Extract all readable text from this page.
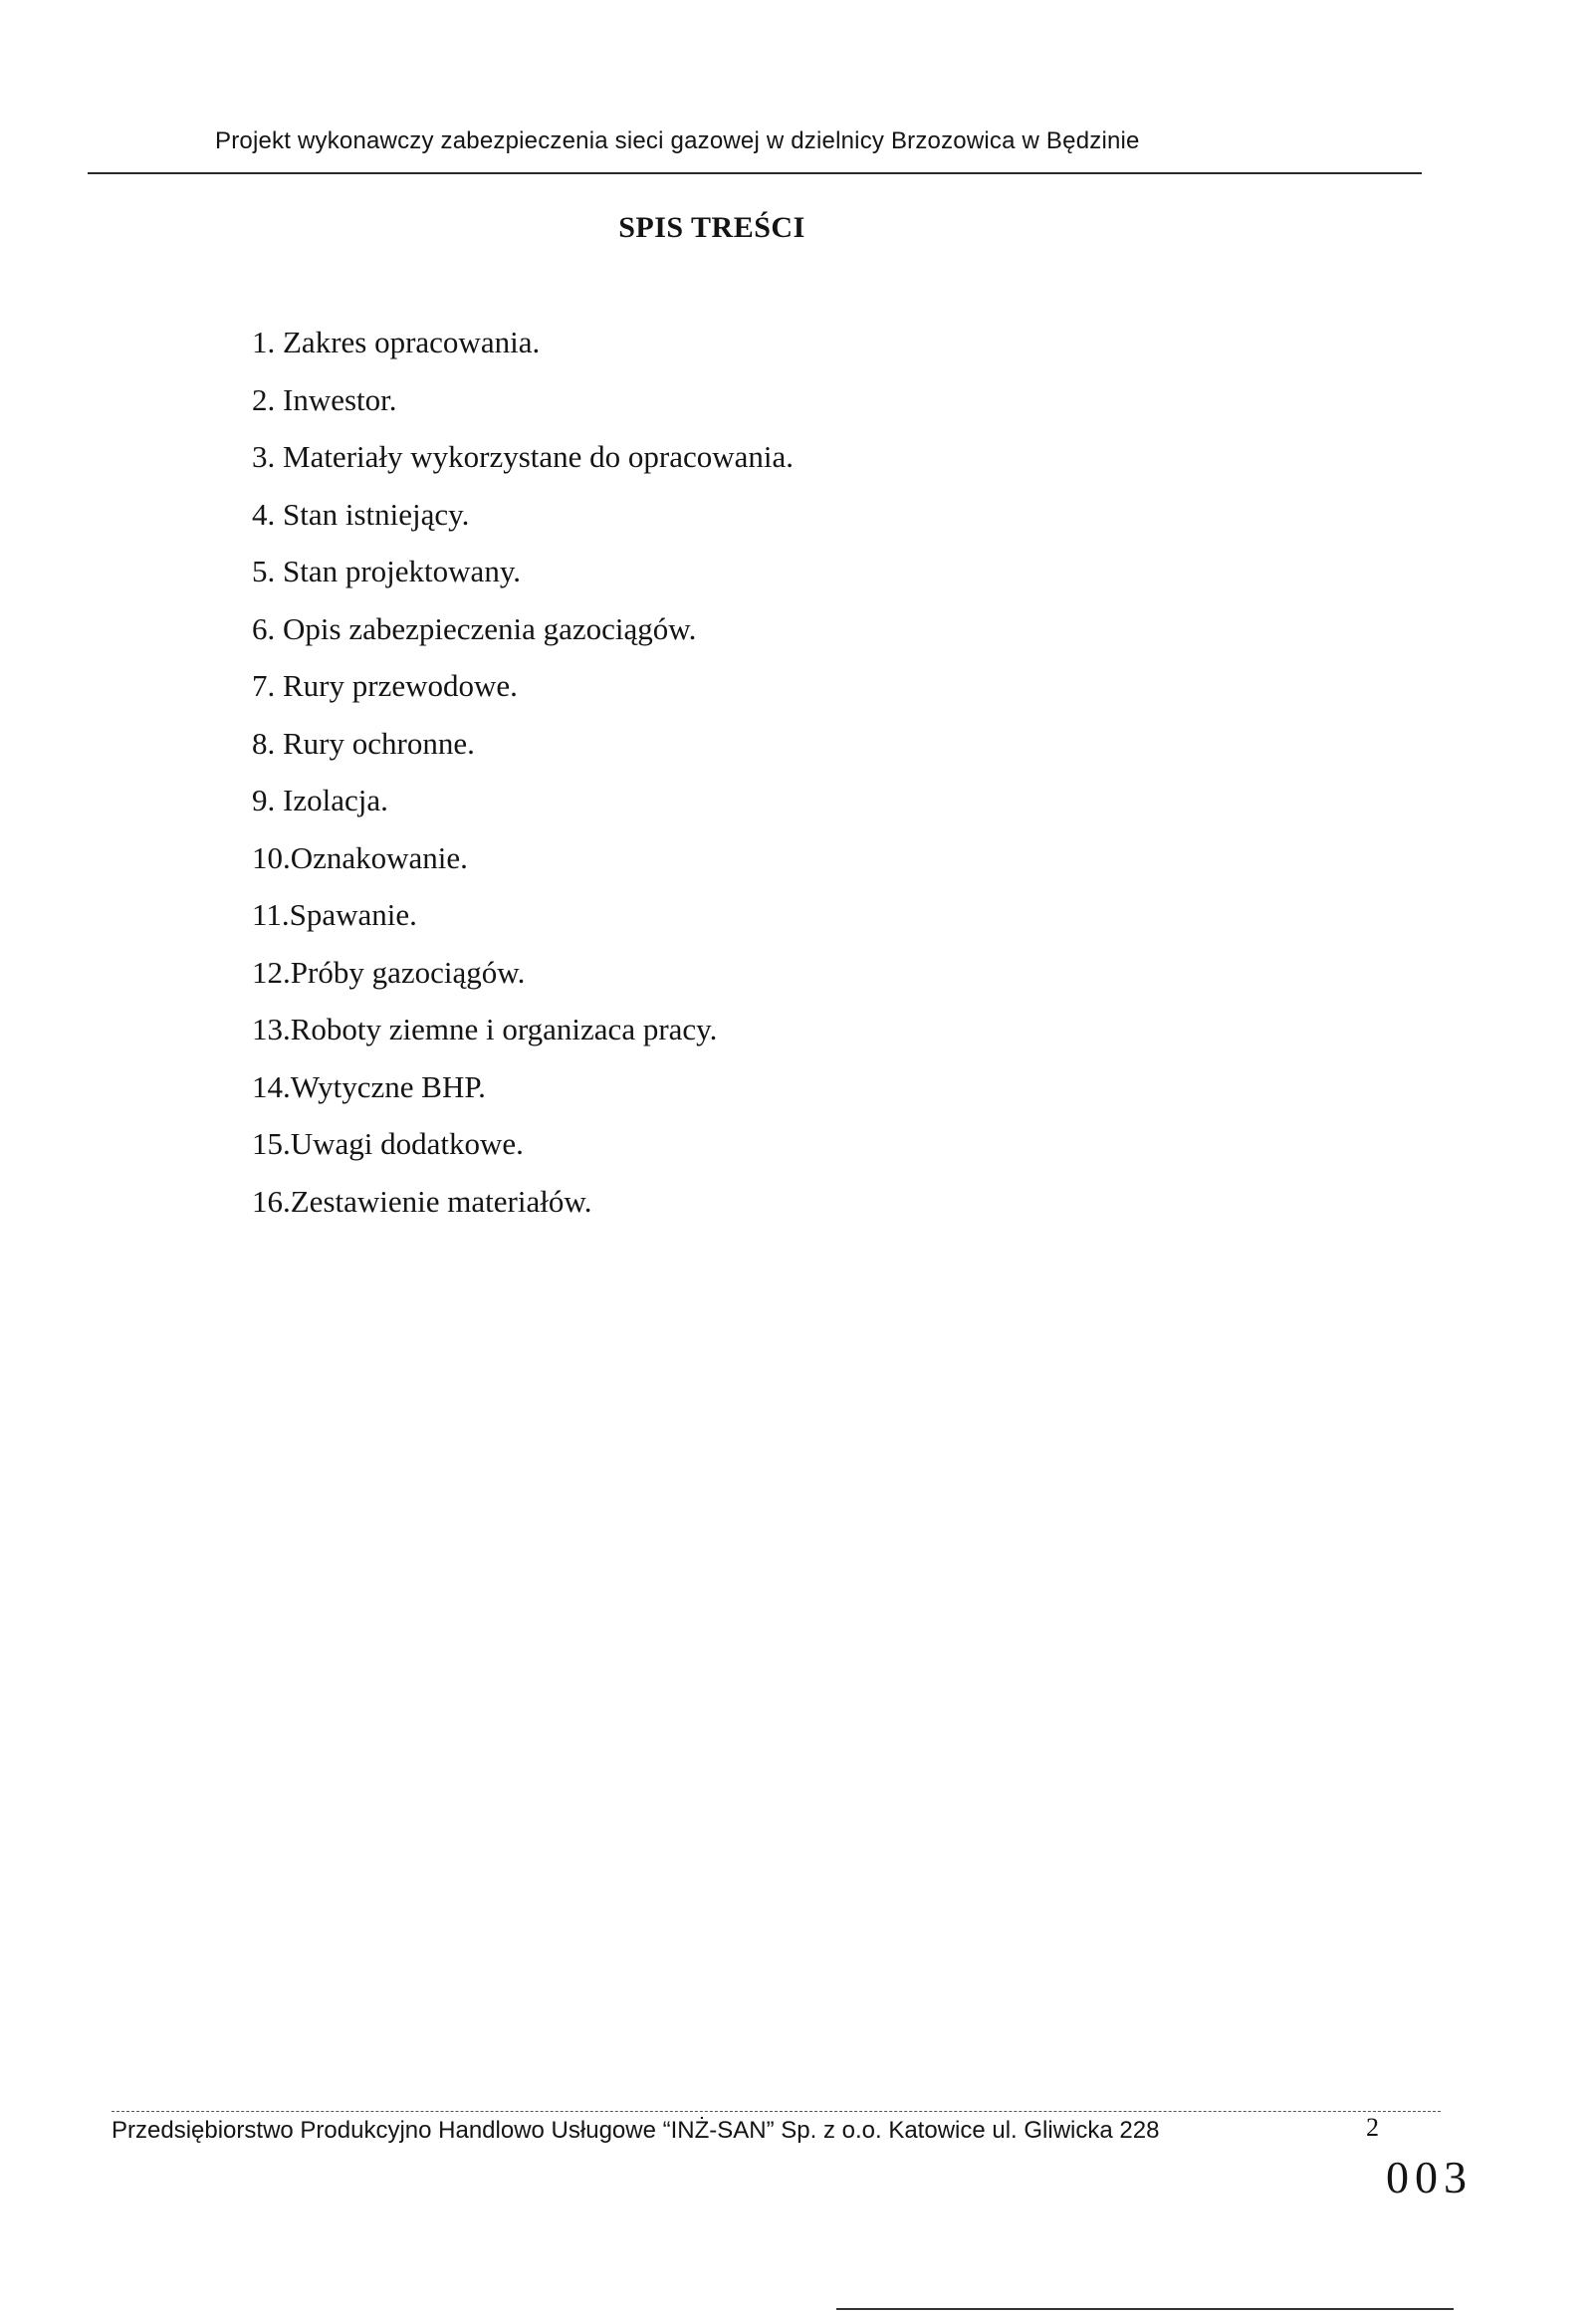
Projekt wykonawczy zabezpieczenia sieci gazowej w dzielnicy Brzozowica w Będzinie
SPIS TREŚCI
1. Zakres opracowania.
2. Inwestor.
3. Materiały wykorzystane do opracowania.
4. Stan istniejący.
5. Stan projektowany.
6. Opis zabezpieczenia gazociągów.
7. Rury przewodowe.
8. Rury ochronne.
9. Izolacja.
10.Oznakowanie.
11.Spawanie.
12.Próby gazociągów.
13.Roboty ziemne i organizaca pracy.
14.Wytyczne BHP.
15.Uwagi dodatkowe.
16.Zestawienie materiałów.
Przedsiębiorstwo Produkcyjno Handlowo Usługowe “INŻ-SAN” Sp. z o.o. Katowice ul. Gliwicka 228	2
003
